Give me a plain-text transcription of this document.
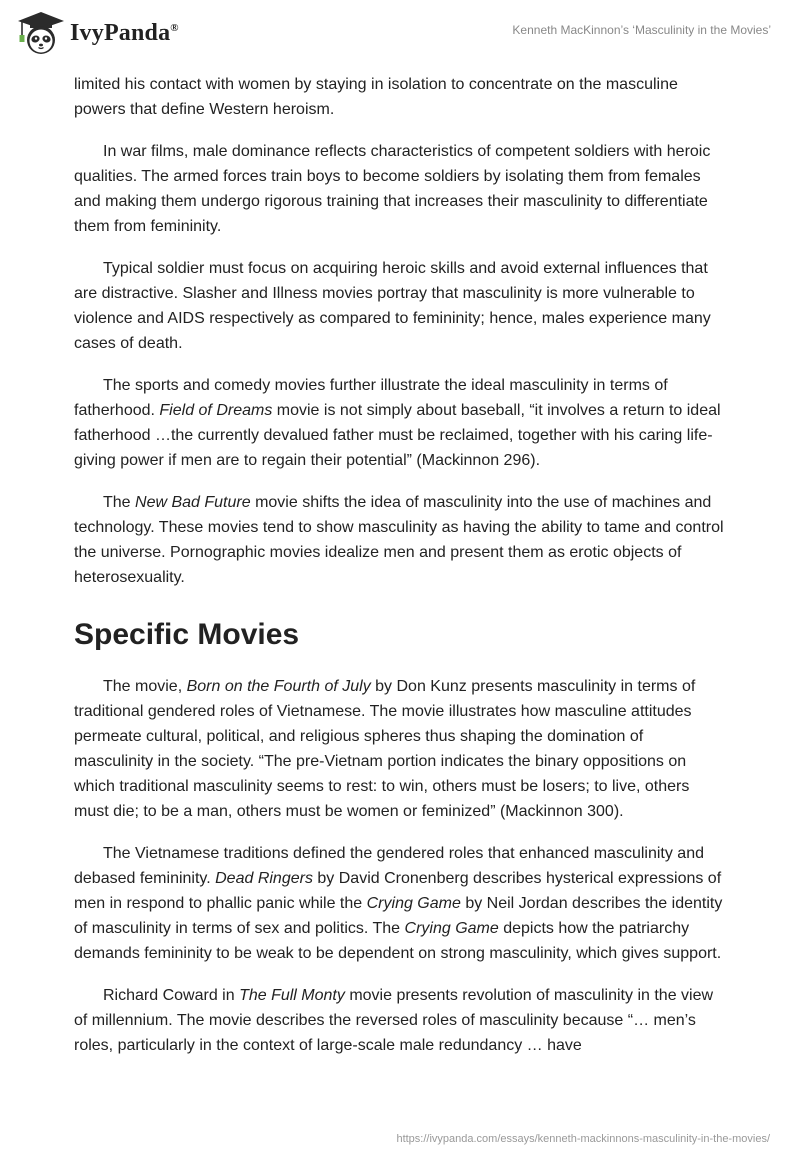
IvyPanda®	Kenneth MacKinnon’s ‘Masculinity in the Movies’

limited his contact with women by staying in isolation to concentrate on the masculine powers that define Western heroism.

In war films, male dominance reflects characteristics of competent soldiers with heroic qualities. The armed forces train boys to become soldiers by isolating them from females and making them undergo rigorous training that increases their masculinity to differentiate them from femininity.

Typical soldier must focus on acquiring heroic skills and avoid external influences that are distractive. Slasher and Illness movies portray that masculinity is more vulnerable to violence and AIDS respectively as compared to femininity; hence, males experience many cases of death.

The sports and comedy movies further illustrate the ideal masculinity in terms of fatherhood. Field of Dreams movie is not simply about baseball, “it involves a return to ideal fatherhood …the currently devalued father must be reclaimed, together with his caring life-giving power if men are to regain their potential” (Mackinnon 296).

The New Bad Future movie shifts the idea of masculinity into the use of machines and technology. These movies tend to show masculinity as having the ability to tame and control the universe. Pornographic movies idealize men and present them as erotic objects of heterosexuality.

Specific Movies

The movie, Born on the Fourth of July by Don Kunz presents masculinity in terms of traditional gendered roles of Vietnamese. The movie illustrates how masculine attitudes permeate cultural, political, and religious spheres thus shaping the domination of masculinity in the society. “The pre-Vietnam portion indicates the binary oppositions on which traditional masculinity seems to rest: to win, others must be losers; to live, others must die; to be a man, others must be women or feminized” (Mackinnon 300).

The Vietnamese traditions defined the gendered roles that enhanced masculinity and debased femininity. Dead Ringers by David Cronenberg describes hysterical expressions of men in respond to phallic panic while the Crying Game by Neil Jordan describes the identity of masculinity in terms of sex and politics. The Crying Game depicts how the patriarchy demands femininity to be weak to be dependent on strong masculinity, which gives support.

Richard Coward in The Full Monty movie presents revolution of masculinity in the view of millennium. The movie describes the reversed roles of masculinity because “… men’s roles, particularly in the context of large-scale male redundancy … have

https://ivypanda.com/essays/kenneth-mackinnons-masculinity-in-the-movies/
